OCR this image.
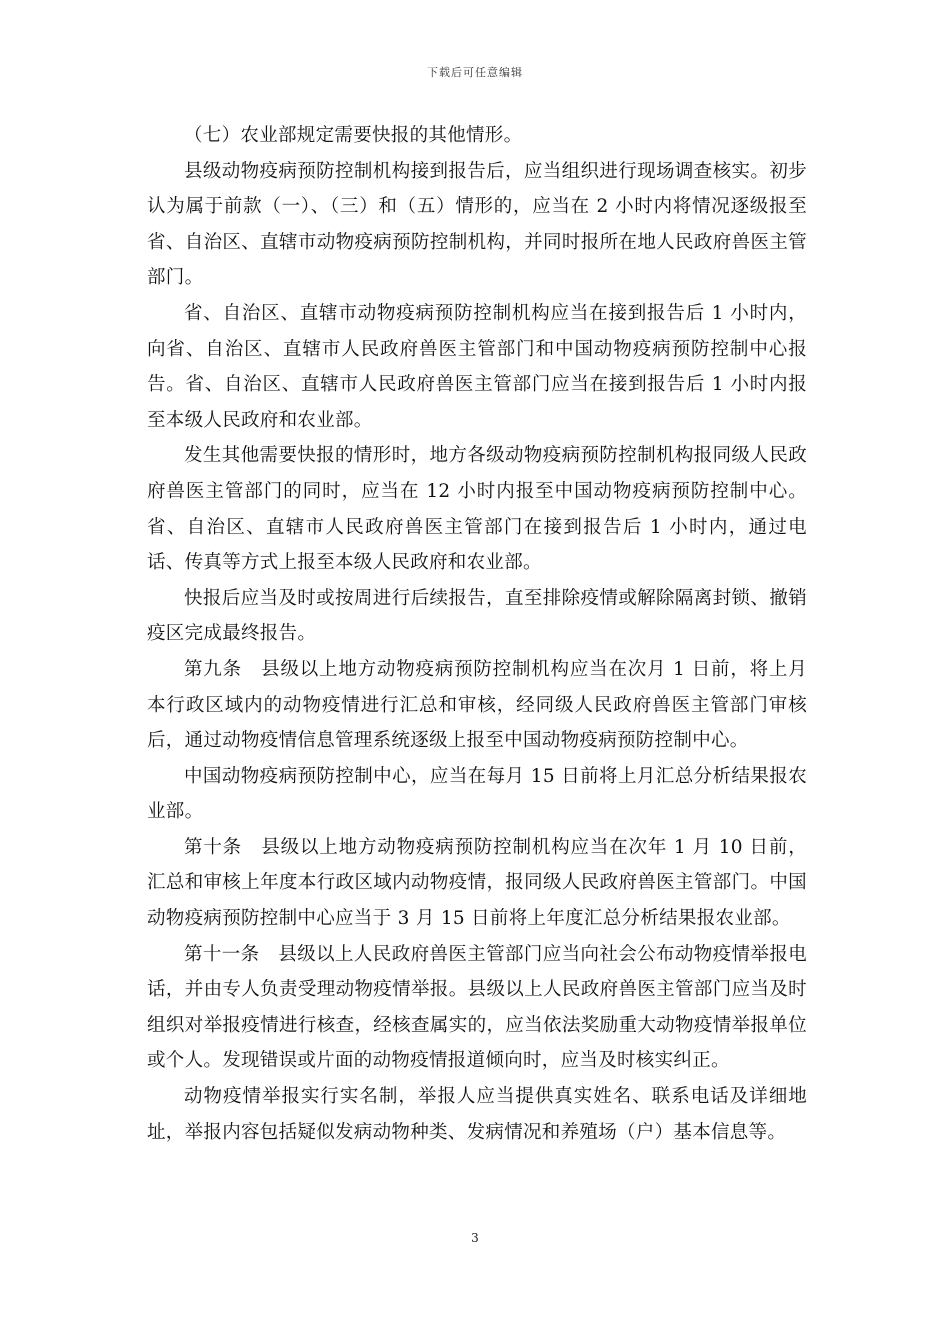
下载后可任意编辑

（七）农业部规定需要快报的其他情形。

县级动物疫病预防控制机构接到报告后，应当组织进行现场调查核实。初步认为属于前款（一）、（三）和（五）情形的，应当在 2 小时内将情况逐级报至省、自治区、直辖市动物疫病预防控制机构，并同时报所在地人民政府兽医主管部门。

省、自治区、直辖市动物疫病预防控制机构应当在接到报告后 1 小时内，向省、自治区、直辖市人民政府兽医主管部门和中国动物疫病预防控制中心报告。省、自治区、直辖市人民政府兽医主管部门应当在接到报告后 1 小时内报至本级人民政府和农业部。

发生其他需要快报的情形时，地方各级动物疫病预防控制机构报同级人民政府兽医主管部门的同时，应当在 12 小时内报至中国动物疫病预防控制中心。省、自治区、直辖市人民政府兽医主管部门在接到报告后 1 小时内，通过电话、传真等方式上报至本级人民政府和农业部。

快报后应当及时或按周进行后续报告，直至排除疫情或解除隔离封锁、撤销疫区完成最终报告。

第九条　县级以上地方动物疫病预防控制机构应当在次月 1 日前，将上月本行政区域内的动物疫情进行汇总和审核，经同级人民政府兽医主管部门审核后，通过动物疫情信息管理系统逐级上报至中国动物疫病预防控制中心。

中国动物疫病预防控制中心，应当在每月 15 日前将上月汇总分析结果报农业部。

第十条　县级以上地方动物疫病预防控制机构应当在次年 1 月 10 日前，汇总和审核上年度本行政区域内动物疫情，报同级人民政府兽医主管部门。中国动物疫病预防控制中心应当于 3 月 15 日前将上年度汇总分析结果报农业部。

第十一条　县级以上人民政府兽医主管部门应当向社会公布动物疫情举报电话，并由专人负责受理动物疫情举报。县级以上人民政府兽医主管部门应当及时组织对举报疫情进行核查，经核查属实的，应当依法奖励重大动物疫情举报单位或个人。发现错误或片面的动物疫情报道倾向时，应当及时核实纠正。

动物疫情举报实行实名制，举报人应当提供真实姓名、联系电话及详细地址，举报内容包括疑似发病动物种类、发病情况和养殖场（户）基本信息等。

3
